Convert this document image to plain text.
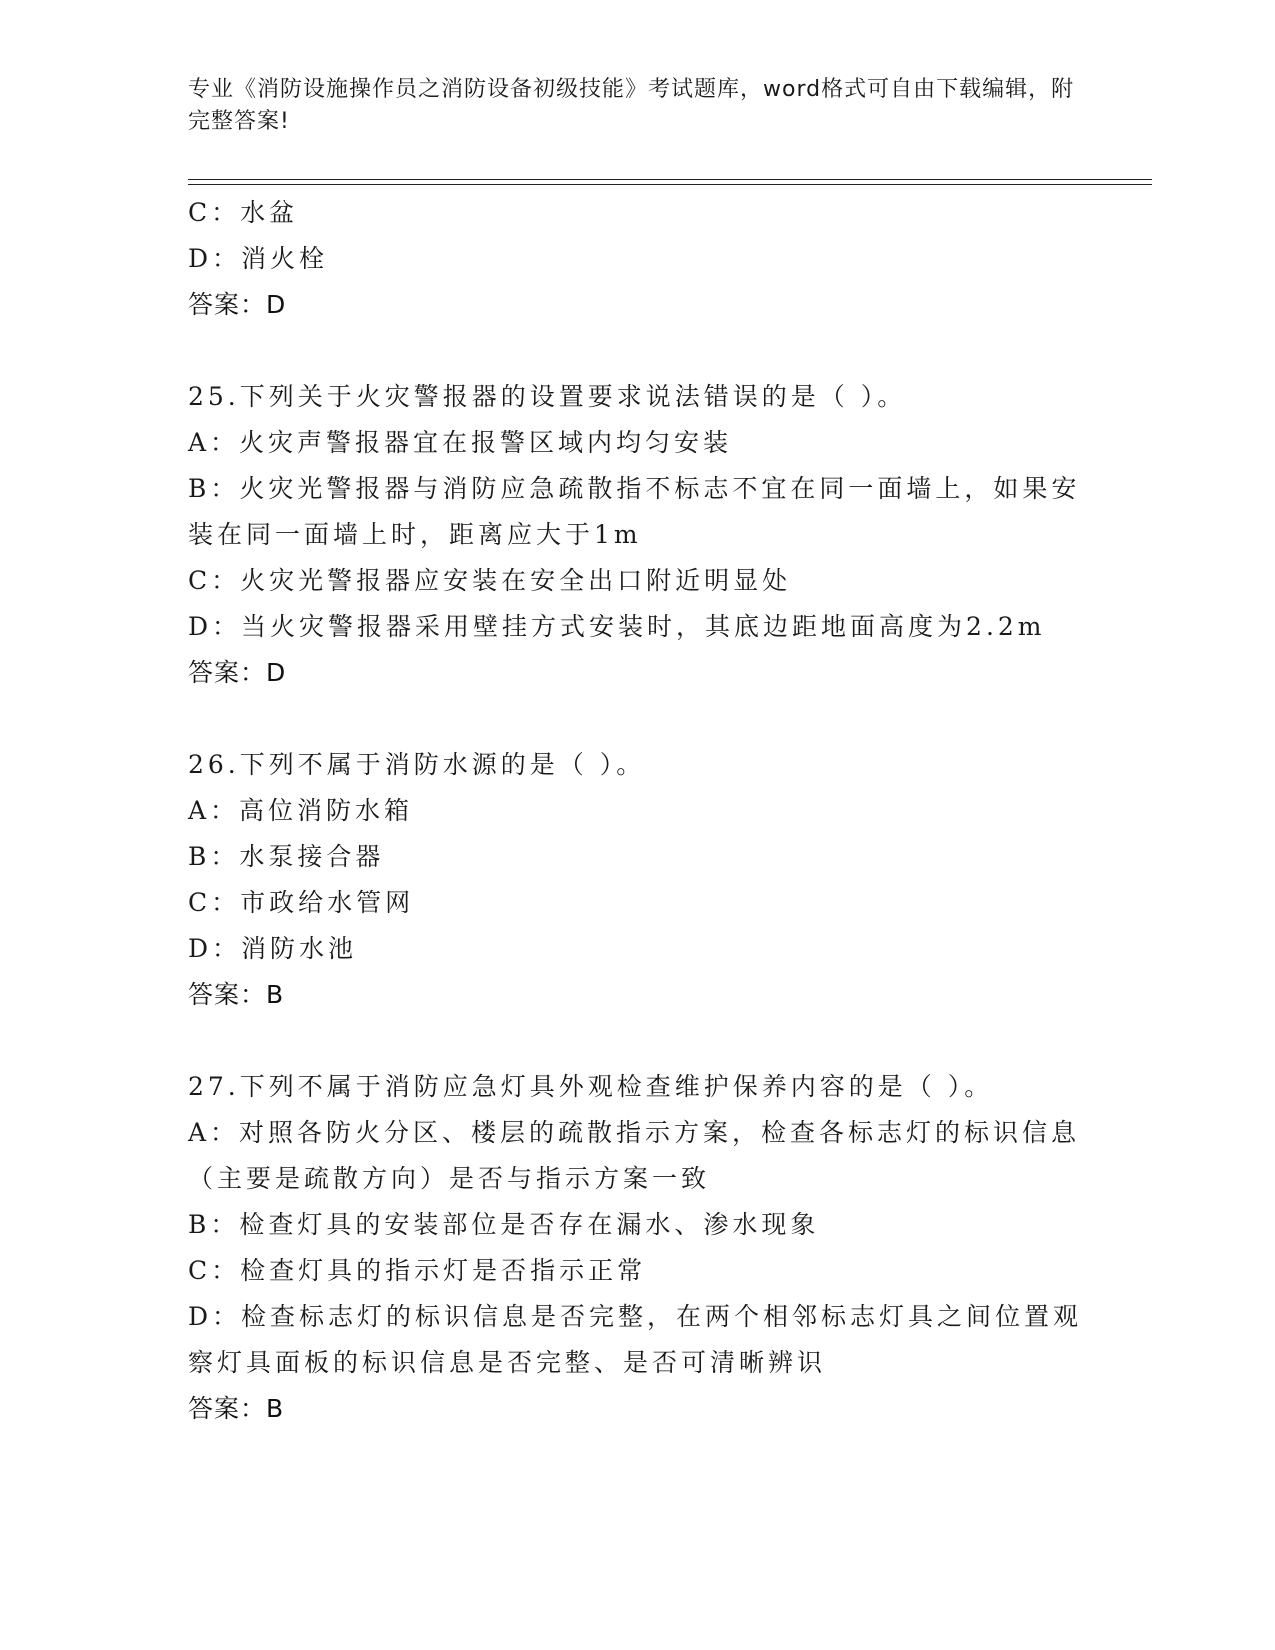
专业《消防设施操作员之消防设备初级技能》考试题库，word格式可自由下载编辑，附完整答案!
C：水盆
D：消火栓
答案：D
25.下列关于火灾警报器的设置要求说法错误的是（ ）。
A：火灾声警报器宜在报警区域内均匀安装
B：火灾光警报器与消防应急疏散指不标志不宜在同一面墙上，如果安
装在同一面墙上时，距离应大于1m
C：火灾光警报器应安装在安全出口附近明显处
D：当火灾警报器采用壁挂方式安装时，其底边距地面高度为2.2m
答案：D
26.下列不属于消防水源的是（ ）。
A：高位消防水箱
B：水泵接合器
C：市政给水管网
D：消防水池
答案：B
27.下列不属于消防应急灯具外观检查维护保养内容的是（ ）。
A：对照各防火分区、楼层的疏散指示方案，检查各标志灯的标识信息
（主要是疏散方向）是否与指示方案一致
B：检查灯具的安装部位是否存在漏水、渗水现象
C：检查灯具的指示灯是否指示正常
D：检查标志灯的标识信息是否完整，在两个相邻标志灯具之间位置观
察灯具面板的标识信息是否完整、是否可清晰辨识
答案：B
